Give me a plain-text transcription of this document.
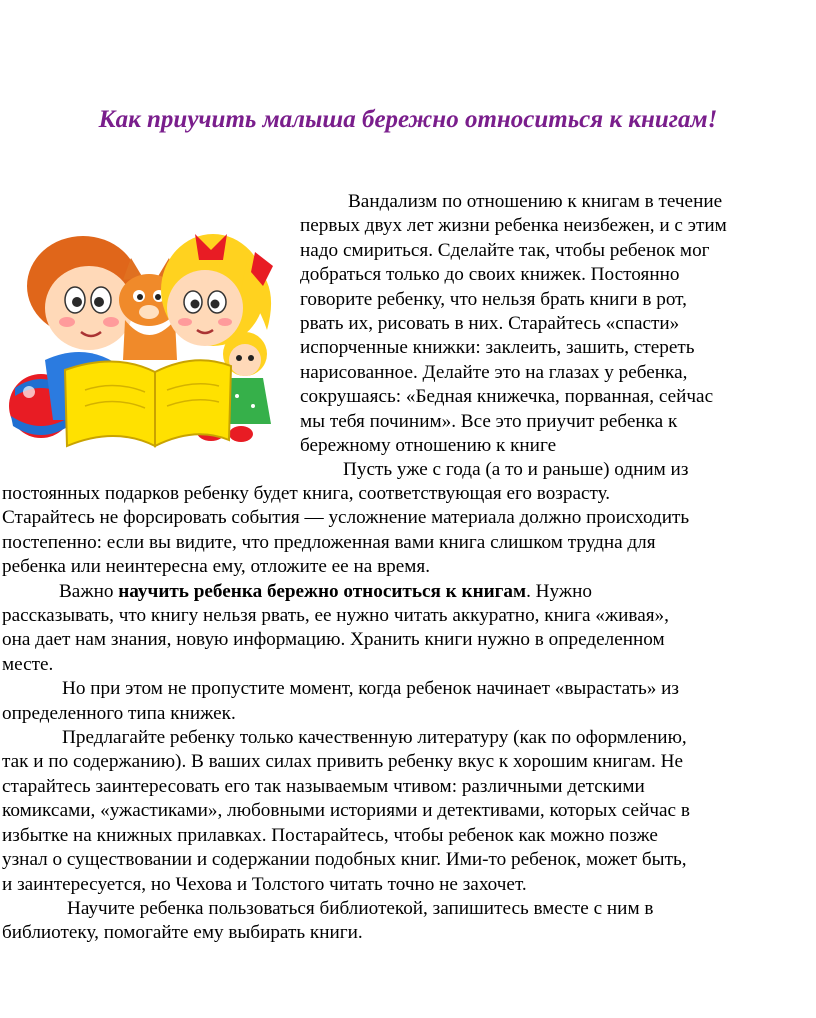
Как приучить малыша бережно относиться к книгам!
Вандализм по отношению к книгам в течение
первых двух лет жизни ребенка неизбежен, и с этим
надо смириться. Сделайте так, чтобы ребенок мог
добраться только до своих книжек. Постоянно
говорите ребенку, что нельзя брать книги в рот,
рвать их, рисовать в них. Старайтесь «спасти»
испорченные книжки: заклеить, зашить, стереть
нарисованное. Делайте это на глазах у ребенка,
сокрушаясь: «Бедная книжечка, порванная, сейчас
мы тебя починим». Все это приучит ребенка к
бережному отношению к книге
Пусть уже с года (а то и раньше) одним из
постоянных подарков ребенку будет книга, соответствующая его возрасту.
Старайтесь не форсировать события — усложнение материала должно происходить
постепенно: если вы видите, что предложенная вами книга слишком трудна для
ребенка или неинтересна ему, отложите ее на время.
Важно научить ребенка бережно относиться к книгам. Нужно
рассказывать, что книгу нельзя рвать, ее нужно читать аккуратно, книга «живая»,
она дает нам знания, новую информацию. Хранить книги нужно в определенном
месте.
Но при этом не пропустите момент, когда ребенок начинает «вырастать» из
определенного типа книжек.
Предлагайте ребенку только качественную литературу (как по оформлению,
так и по содержанию). В ваших силах привить ребенку вкус к хорошим книгам. Не
старайтесь заинтересовать его так называемым чтивом: различными детскими
комиксами, «ужастиками», любовными историями и детективами, которых сейчас в
избытке на книжных прилавках. Постарайтесь, чтобы ребенок как можно позже
узнал о существовании и содержании подобных книг. Ими-то ребенок, может быть,
и заинтересуется, но Чехова и Толстого читать точно не захочет.
Научите ребенка пользоваться библиотекой, запишитесь вместе с ним в
библиотеку, помогайте ему выбирать книги.
